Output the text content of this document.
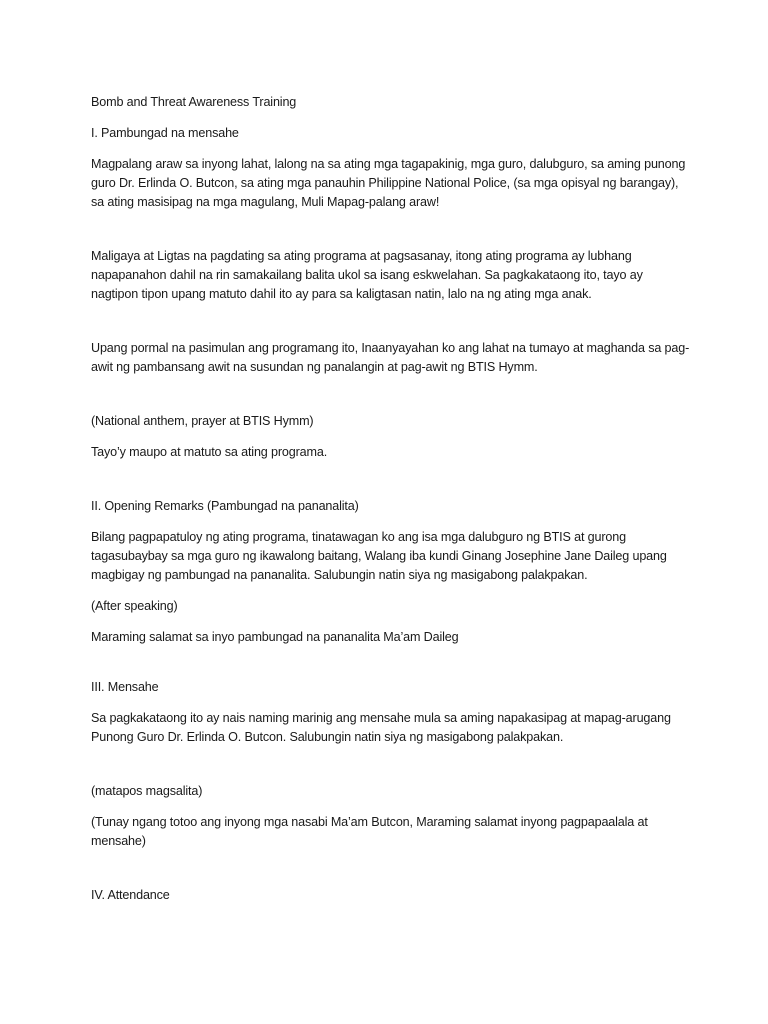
Bomb and Threat Awareness Training

I. Pambungad na mensahe

Magpalang araw sa inyong lahat, lalong na sa ating mga tagapakinig, mga guro, dalubguro, sa aming punong guro Dr. Erlinda O. Butcon, sa ating mga panauhin Philippine National Police, (sa mga opisyal ng barangay), sa ating masisipag na mga magulang, Muli Mapag-palang araw!

Maligaya at Ligtas na pagdating sa ating programa at pagsasanay, itong ating programa ay lubhang napapanahon dahil na rin samakailang balita ukol sa isang eskwelahan. Sa pagkakataong ito, tayo ay nagtipon tipon upang matuto dahil ito ay para sa kaligtasan natin, lalo na ng ating mga anak.

Upang pormal na pasimulan ang programang ito, Inaanyayahan ko ang lahat na tumayo at maghanda sa pag-awit ng pambansang awit na susundan ng panalangin at pag-awit ng BTIS Hymm.

(National anthem, prayer at BTIS Hymm)

Tayo’y maupo at matuto sa ating programa.

II. Opening Remarks (Pambungad na pananalita)

Bilang pagpapatuloy ng ating programa, tinatawagan ko ang isa mga dalubguro ng BTIS at gurong tagasubaybay sa mga guro ng ikawalong baitang, Walang iba kundi Ginang Josephine Jane Daileg upang magbigay ng pambungad na pananalita. Salubungin natin siya ng masigabong palakpakan.

(After speaking)

Maraming salamat sa inyo pambungad na pananalita Ma’am Daileg

III. Mensahe

Sa pagkakataong ito ay nais naming marinig ang mensahe mula sa aming napakasipag at mapag-arugang Punong Guro Dr. Erlinda O. Butcon. Salubungin natin siya ng masigabong palakpakan.

(matapos magsalita)

(Tunay ngang totoo ang inyong mga nasabi Ma’am Butcon, Maraming salamat inyong pagpapaalala at mensahe)

IV. Attendance
